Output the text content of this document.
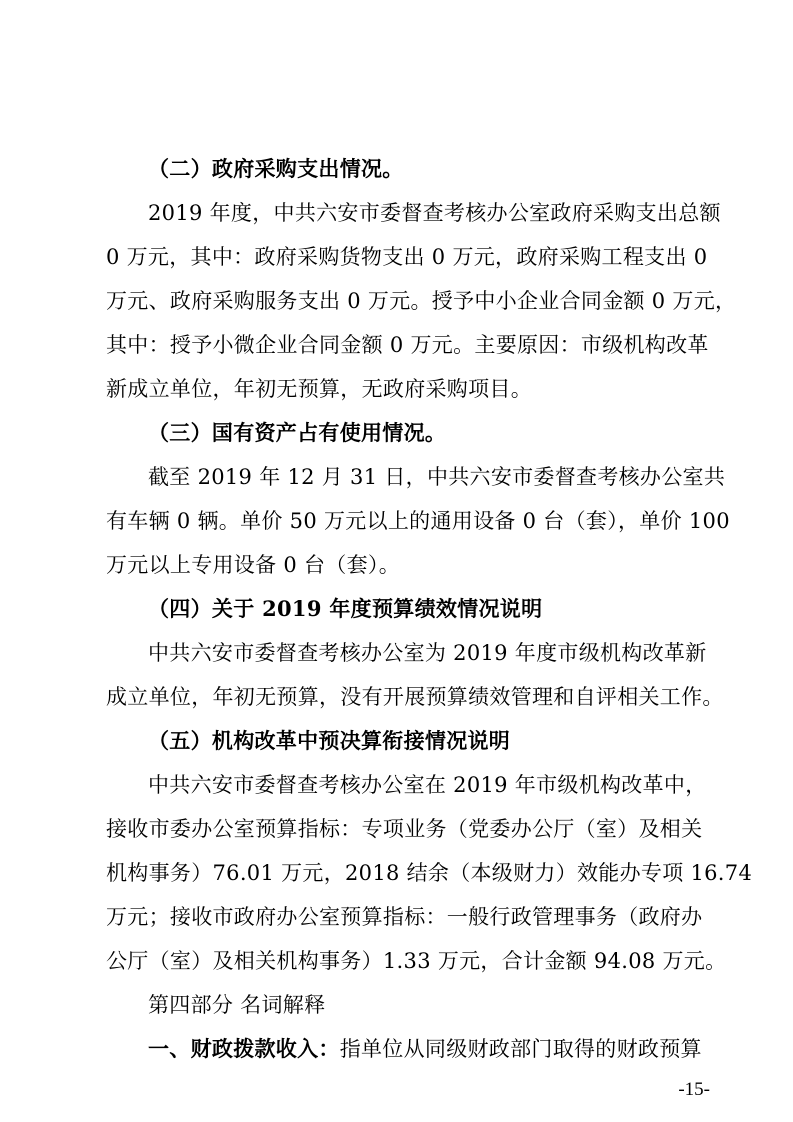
（二）政府采购支出情况。
2019 年度，中共六安市委督查考核办公室政府采购支出总额
0 万元，其中：政府采购货物支出 0 万元，政府采购工程支出 0
万元、政府采购服务支出 0 万元。授予中小企业合同金额 0 万元，
其中：授予小微企业合同金额 0 万元。主要原因：市级机构改革
新成立单位，年初无预算，无政府采购项目。
（三）国有资产占有使用情况。
截至 2019 年 12 月 31 日，中共六安市委督查考核办公室共
有车辆 0 辆。单价 50 万元以上的通用设备 0 台（套），单价 100
万元以上专用设备 0 台（套）。
（四）关于 2019 年度预算绩效情况说明
中共六安市委督查考核办公室为 2019 年度市级机构改革新
成立单位，年初无预算，没有开展预算绩效管理和自评相关工作。
（五）机构改革中预决算衔接情况说明
中共六安市委督查考核办公室在 2019 年市级机构改革中，
接收市委办公室预算指标：专项业务（党委办公厅（室）及相关
机构事务）76.01 万元，2018 结余（本级财力）效能办专项 16.74
万元；接收市政府办公室预算指标：一般行政管理事务（政府办
公厅（室）及相关机构事务）1.33 万元，合计金额 94.08 万元。
第四部分 名词解释
一、财政拨款收入：指单位从同级财政部门取得的财政预算
-15-
